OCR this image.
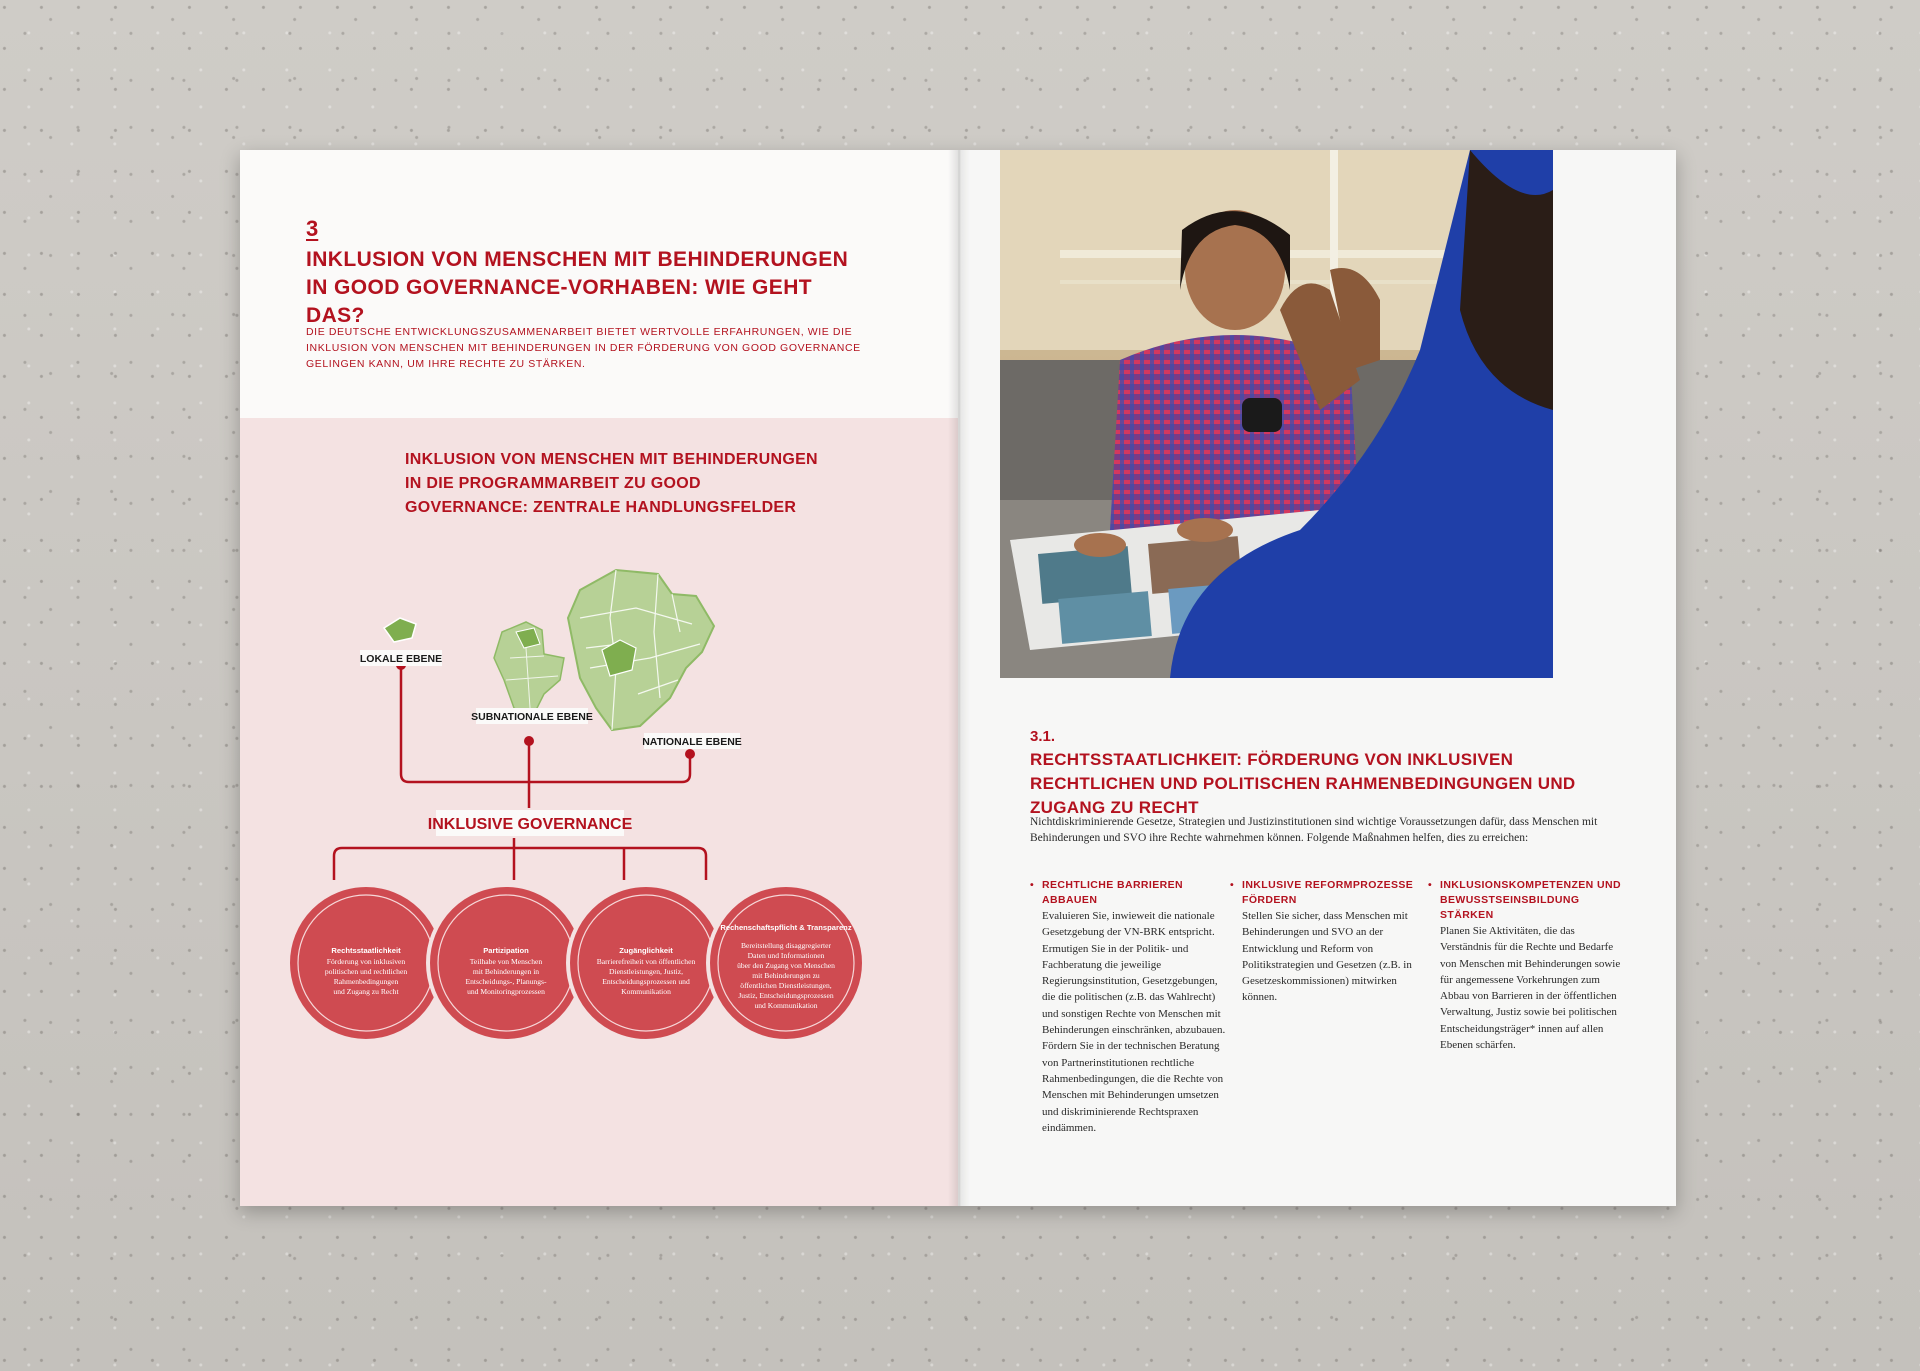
3
INKLUSION VON MENSCHEN MIT BEHINDERUNGEN IN GOOD GOVERNANCE-VORHABEN: WIE GEHT DAS?
DIE DEUTSCHE ENTWICKLUNGSZUSAMMENARBEIT BIETET WERTVOLLE ERFAHRUNGEN, WIE DIE INKLUSION VON MENSCHEN MIT BEHINDERUNGEN IN DER FÖRDERUNG VON GOOD GOVERNANCE GELINGEN KANN, UM IHRE RECHTE ZU STÄRKEN.
INKLUSION VON MENSCHEN MIT BEHINDERUNGEN IN DIE PROGRAMMARBEIT ZU GOOD GOVERNANCE: ZENTRALE HANDLUNGSFELDER
LOKALE EBENE
SUBNATIONALE EBENE
NATIONALE EBENE
INKLUSIVE GOVERNANCE
Rechtsstaatlichkeit
Förderung von inklusiven
politischen und rechtlichen
Rahmenbedingungen
und Zugang zu Recht
Partizipation
Teilhabe von Menschen
mit Behinderungen in
Entscheidungs-, Planungs-
und Monitoringprozessen
Zugänglichkeit
Barrierefreiheit von öffentlichen
Dienstleistungen, Justiz,
Entscheidungsprozessen und
Kommunikation
Rechenschaftspflicht & Transparenz
Bereitstellung disaggregierter
Daten und Informationen
über den Zugang von Menschen
mit Behinderungen zu
öffentlichen Dienstleistungen,
Justiz, Entscheidungsprozessen
und Kommunikation
3.1.
RECHTSSTAATLICHKEIT: FÖRDERUNG VON INKLUSIVEN RECHTLICHEN UND POLITISCHEN RAHMENBEDINGUNGEN UND ZUGANG ZU RECHT
Nichtdiskriminierende Gesetze, Strategien und Justizinstitutionen sind wichtige Voraussetzungen dafür, dass Menschen mit Behinderungen und SVO ihre Rechte wahrnehmen können. Folgende Maßnahmen helfen, dies zu erreichen:
• RECHTLICHE BARRIEREN ABBAUEN
Evaluieren Sie, inwieweit die nationale Gesetzgebung der VN-BRK entspricht. Ermutigen Sie in der Politik- und Fachberatung die jeweilige Regierungsinstitution, Gesetzgebungen, die die politischen (z.B. das Wahlrecht) und sonstigen Rechte von Menschen mit Behinderungen einschränken, abzubauen. Fördern Sie in der technischen Beratung von Partnerinstitutionen rechtliche Rahmenbedingungen, die die Rechte von Menschen mit Behinderungen umsetzen und diskriminierende Rechtspraxen eindämmen.
• INKLUSIVE REFORMPROZESSE FÖRDERN
Stellen Sie sicher, dass Menschen mit Behinderungen und SVO an der Entwicklung und Reform von Politikstrategien und Gesetzen (z.B. in Gesetzeskommissionen) mitwirken können.
• INKLUSIONSKOMPETENZEN UND BEWUSSTSEINSBILDUNG STÄRKEN
Planen Sie Aktivitäten, die das Verständnis für die Rechte und Bedarfe von Menschen mit Behinderungen sowie für angemessene Vorkehrungen zum Abbau von Barrieren in der öffentlichen Verwaltung, Justiz sowie bei politischen Entscheidungsträger* innen auf allen Ebenen schärfen.
